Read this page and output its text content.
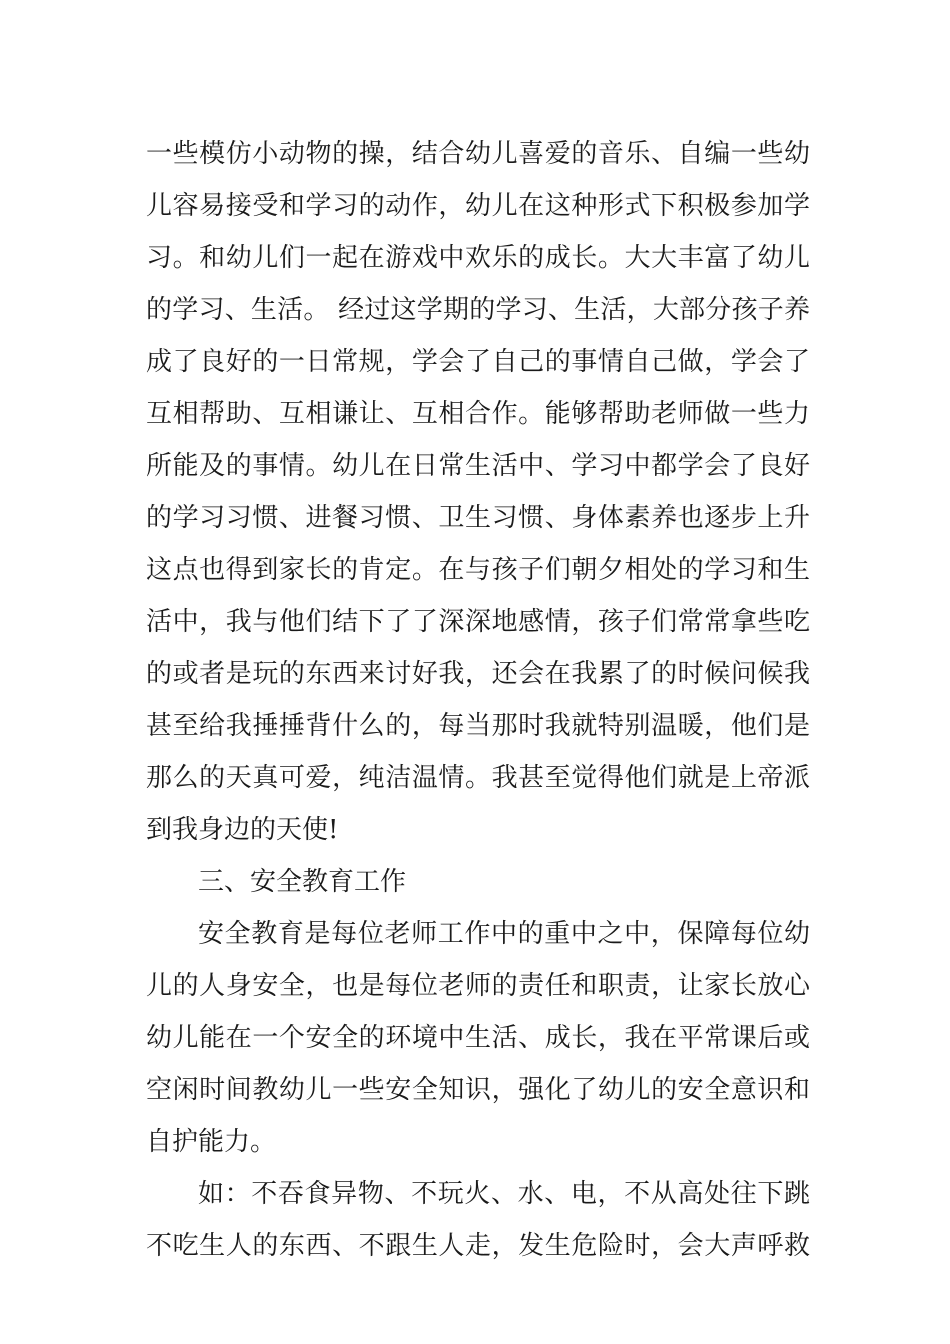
一些模仿小动物的操，结合幼儿喜爱的音乐、自编一些幼
儿容易接受和学习的动作，幼儿在这种形式下积极参加学
习。和幼儿们一起在游戏中欢乐的成长。大大丰富了幼儿
的学习、生活。 经过这学期的学习、生活，大部分孩子养
成了良好的一日常规，学会了自己的事情自己做，学会了
互相帮助、互相谦让、互相合作。能够帮助老师做一些力
所能及的事情。幼儿在日常生活中、学习中都学会了良好
的学习习惯、进餐习惯、卫生习惯、身体素养也逐步上升
这点也得到家长的肯定。在与孩子们朝夕相处的学习和生
活中，我与他们结下了了深深地感情，孩子们常常拿些吃
的或者是玩的东西来讨好我，还会在我累了的时候问候我
甚至给我捶捶背什么的，每当那时我就特别温暖，他们是
那么的天真可爱，纯洁温情。我甚至觉得他们就是上帝派
到我身边的天使!
三、安全教育工作
安全教育是每位老师工作中的重中之中，保障每位幼
儿的人身安全，也是每位老师的责任和职责，让家长放心
幼儿能在一个安全的环境中生活、成长，我在平常课后或
空闲时间教幼儿一些安全知识，强化了幼儿的安全意识和
自护能力。
如：不吞食异物、不玩火、水、电，不从高处往下跳
不吃生人的东西、不跟生人走，发生危险时，会大声呼救
